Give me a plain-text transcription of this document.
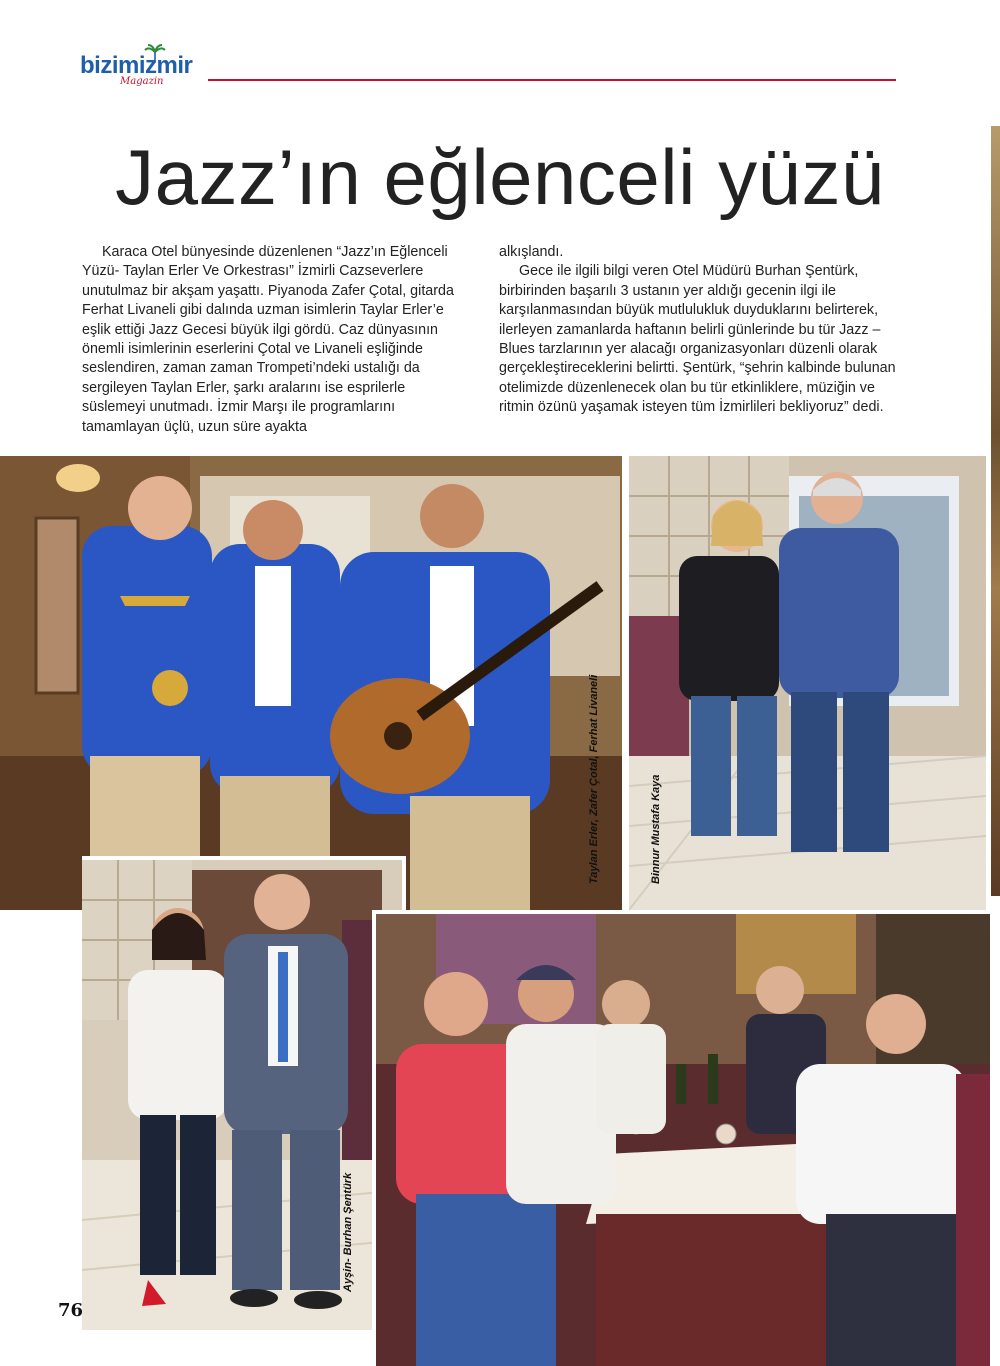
bizimizmir
Magazin
Jazz’ın eğlenceli yüzü

Karaca Otel bünyesinde düzenlenen “Jazz’ın Eğlenceli Yüzü- Taylan Erler Ve Orkestrası” İzmirli Cazseverlere unutulmaz bir akşam yaşattı. Piyanoda Zafer Çotal, gitarda Ferhat Livaneli gibi dalında uzman isimlerin Taylar Erler’e eşlik ettiği Jazz Gecesi büyük ilgi gördü. Caz dünyasının önemli isimlerinin eserlerini Çotal ve Livaneli eşliğinde seslendiren, zaman zaman Trompeti’ndeki ustalığı da sergileyen Taylan Erler, şarkı aralarını ise esprilerle süslemeyi unutmadı. İzmir Marşı ile programlarını tamamlayan üçlü, uzun süre ayakta

alkışlandı.

Gece ile ilgili bilgi veren Otel Müdürü Burhan Şentürk, birbirinden başarılı 3 ustanın yer aldığı gecenin ilgi ile karşılanmasından büyük mutlulukluk duyduklarını belirterek, ilerleyen zamanlarda haftanın belirli günlerinde bu tür Jazz – Blues tarzlarının yer alacağı organizasyonları düzenli olarak gerçekleştireceklerini belirtti. Şentürk, “şehrin kalbinde bulunan otelimizde düzenlenecek olan bu tür etkinliklere, müziğin ve ritmin özünü yaşamak isteyen tüm İzmirlileri bekliyoruz” dedi.

Taylan Erler, Zafer Çotal, Ferhat Livaneli	Binnur Mustafa Kaya
Ayşin- Burhan Şentürk
76
